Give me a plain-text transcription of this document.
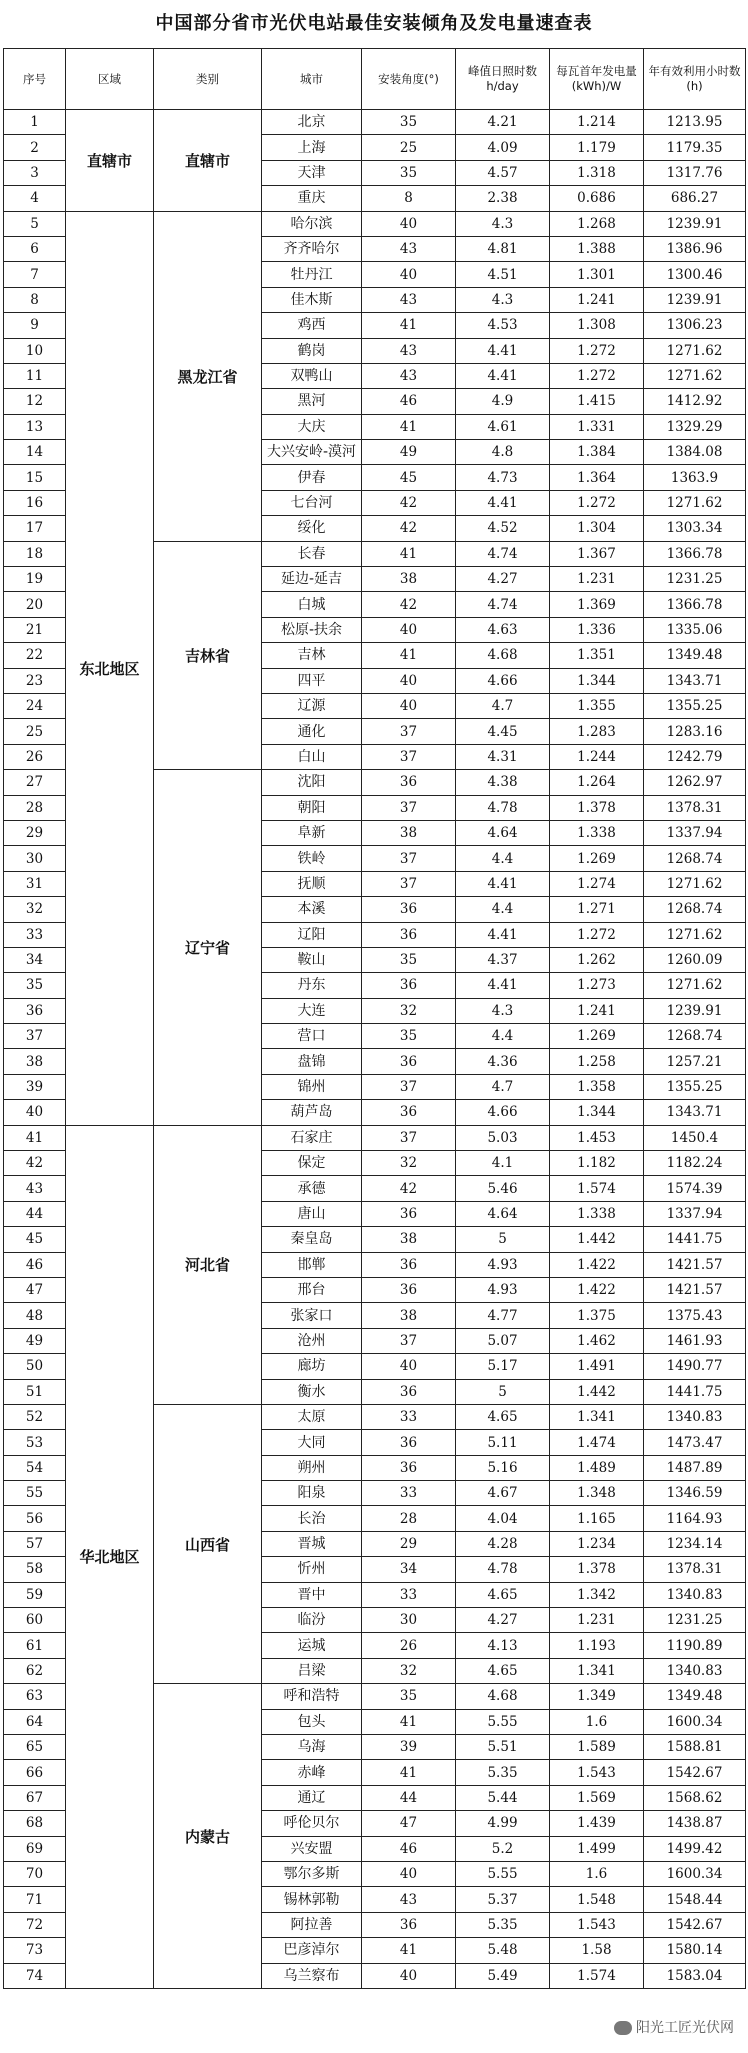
中国部分省市光伏电站最佳安装倾角及发电量速查表
序号	区域	类别	城市	安装角度(°)	峰值日照时数h/day	每瓦首年发电量(kWh)/W	年有效利用小时数(h)
1	直辖市	直辖市	北京	35	4.21	1.214	1213.95
2			上海	25	4.09	1.179	1179.35
3			天津	35	4.57	1.318	1317.76
4			重庆	8	2.38	0.686	686.27
5	东北地区	黑龙江省	哈尔滨	40	4.3	1.268	1239.91
6			齐齐哈尔	43	4.81	1.388	1386.96
7			牡丹江	40	4.51	1.301	1300.46
8			佳木斯	43	4.3	1.241	1239.91
9			鸡西	41	4.53	1.308	1306.23
10			鹤岗	43	4.41	1.272	1271.62
11			双鸭山	43	4.41	1.272	1271.62
12			黑河	46	4.9	1.415	1412.92
13			大庆	41	4.61	1.331	1329.29
14			大兴安岭-漠河	49	4.8	1.384	1384.08
15			伊春	45	4.73	1.364	1363.9
16			七台河	42	4.41	1.272	1271.62
17			绥化	42	4.52	1.304	1303.34
18		吉林省	长春	41	4.74	1.367	1366.78
19			延边-延吉	38	4.27	1.231	1231.25
20			白城	42	4.74	1.369	1366.78
21			松原-扶余	40	4.63	1.336	1335.06
22			吉林	41	4.68	1.351	1349.48
23			四平	40	4.66	1.344	1343.71
24			辽源	40	4.7	1.355	1355.25
25			通化	37	4.45	1.283	1283.16
26			白山	37	4.31	1.244	1242.79
27		辽宁省	沈阳	36	4.38	1.264	1262.97
28			朝阳	37	4.78	1.378	1378.31
29			阜新	38	4.64	1.338	1337.94
30			铁岭	37	4.4	1.269	1268.74
31			抚顺	37	4.41	1.274	1271.62
32			本溪	36	4.4	1.271	1268.74
33			辽阳	36	4.41	1.272	1271.62
34			鞍山	35	4.37	1.262	1260.09
35			丹东	36	4.41	1.273	1271.62
36			大连	32	4.3	1.241	1239.91
37			营口	35	4.4	1.269	1268.74
38			盘锦	36	4.36	1.258	1257.21
39			锦州	37	4.7	1.358	1355.25
40			葫芦岛	36	4.66	1.344	1343.71
41	华北地区	河北省	石家庄	37	5.03	1.453	1450.4
42			保定	32	4.1	1.182	1182.24
43			承德	42	5.46	1.574	1574.39
44			唐山	36	4.64	1.338	1337.94
45			秦皇岛	38	5	1.442	1441.75
46			邯郸	36	4.93	1.422	1421.57
47			邢台	36	4.93	1.422	1421.57
48			张家口	38	4.77	1.375	1375.43
49			沧州	37	5.07	1.462	1461.93
50			廊坊	40	5.17	1.491	1490.77
51			衡水	36	5	1.442	1441.75
52		山西省	太原	33	4.65	1.341	1340.83
53			大同	36	5.11	1.474	1473.47
54			朔州	36	5.16	1.489	1487.89
55			阳泉	33	4.67	1.348	1346.59
56			长治	28	4.04	1.165	1164.93
57			晋城	29	4.28	1.234	1234.14
58			忻州	34	4.78	1.378	1378.31
59			晋中	33	4.65	1.342	1340.83
60			临汾	30	4.27	1.231	1231.25
61			运城	26	4.13	1.193	1190.89
62			吕梁	32	4.65	1.341	1340.83
63		内蒙古	呼和浩特	35	4.68	1.349	1349.48
64			包头	41	5.55	1.6	1600.34
65			乌海	39	5.51	1.589	1588.81
66			赤峰	41	5.35	1.543	1542.67
67			通辽	44	5.44	1.569	1568.62
68			呼伦贝尔	47	4.99	1.439	1438.87
69			兴安盟	46	5.2	1.499	1499.42
70			鄂尔多斯	40	5.55	1.6	1600.34
71			锡林郭勒	43	5.37	1.548	1548.44
72			阿拉善	36	5.35	1.543	1542.67
73			巴彦淖尔	41	5.48	1.58	1580.14
74			乌兰察布	40	5.49	1.574	1583.04
阳光工匠光伏网
